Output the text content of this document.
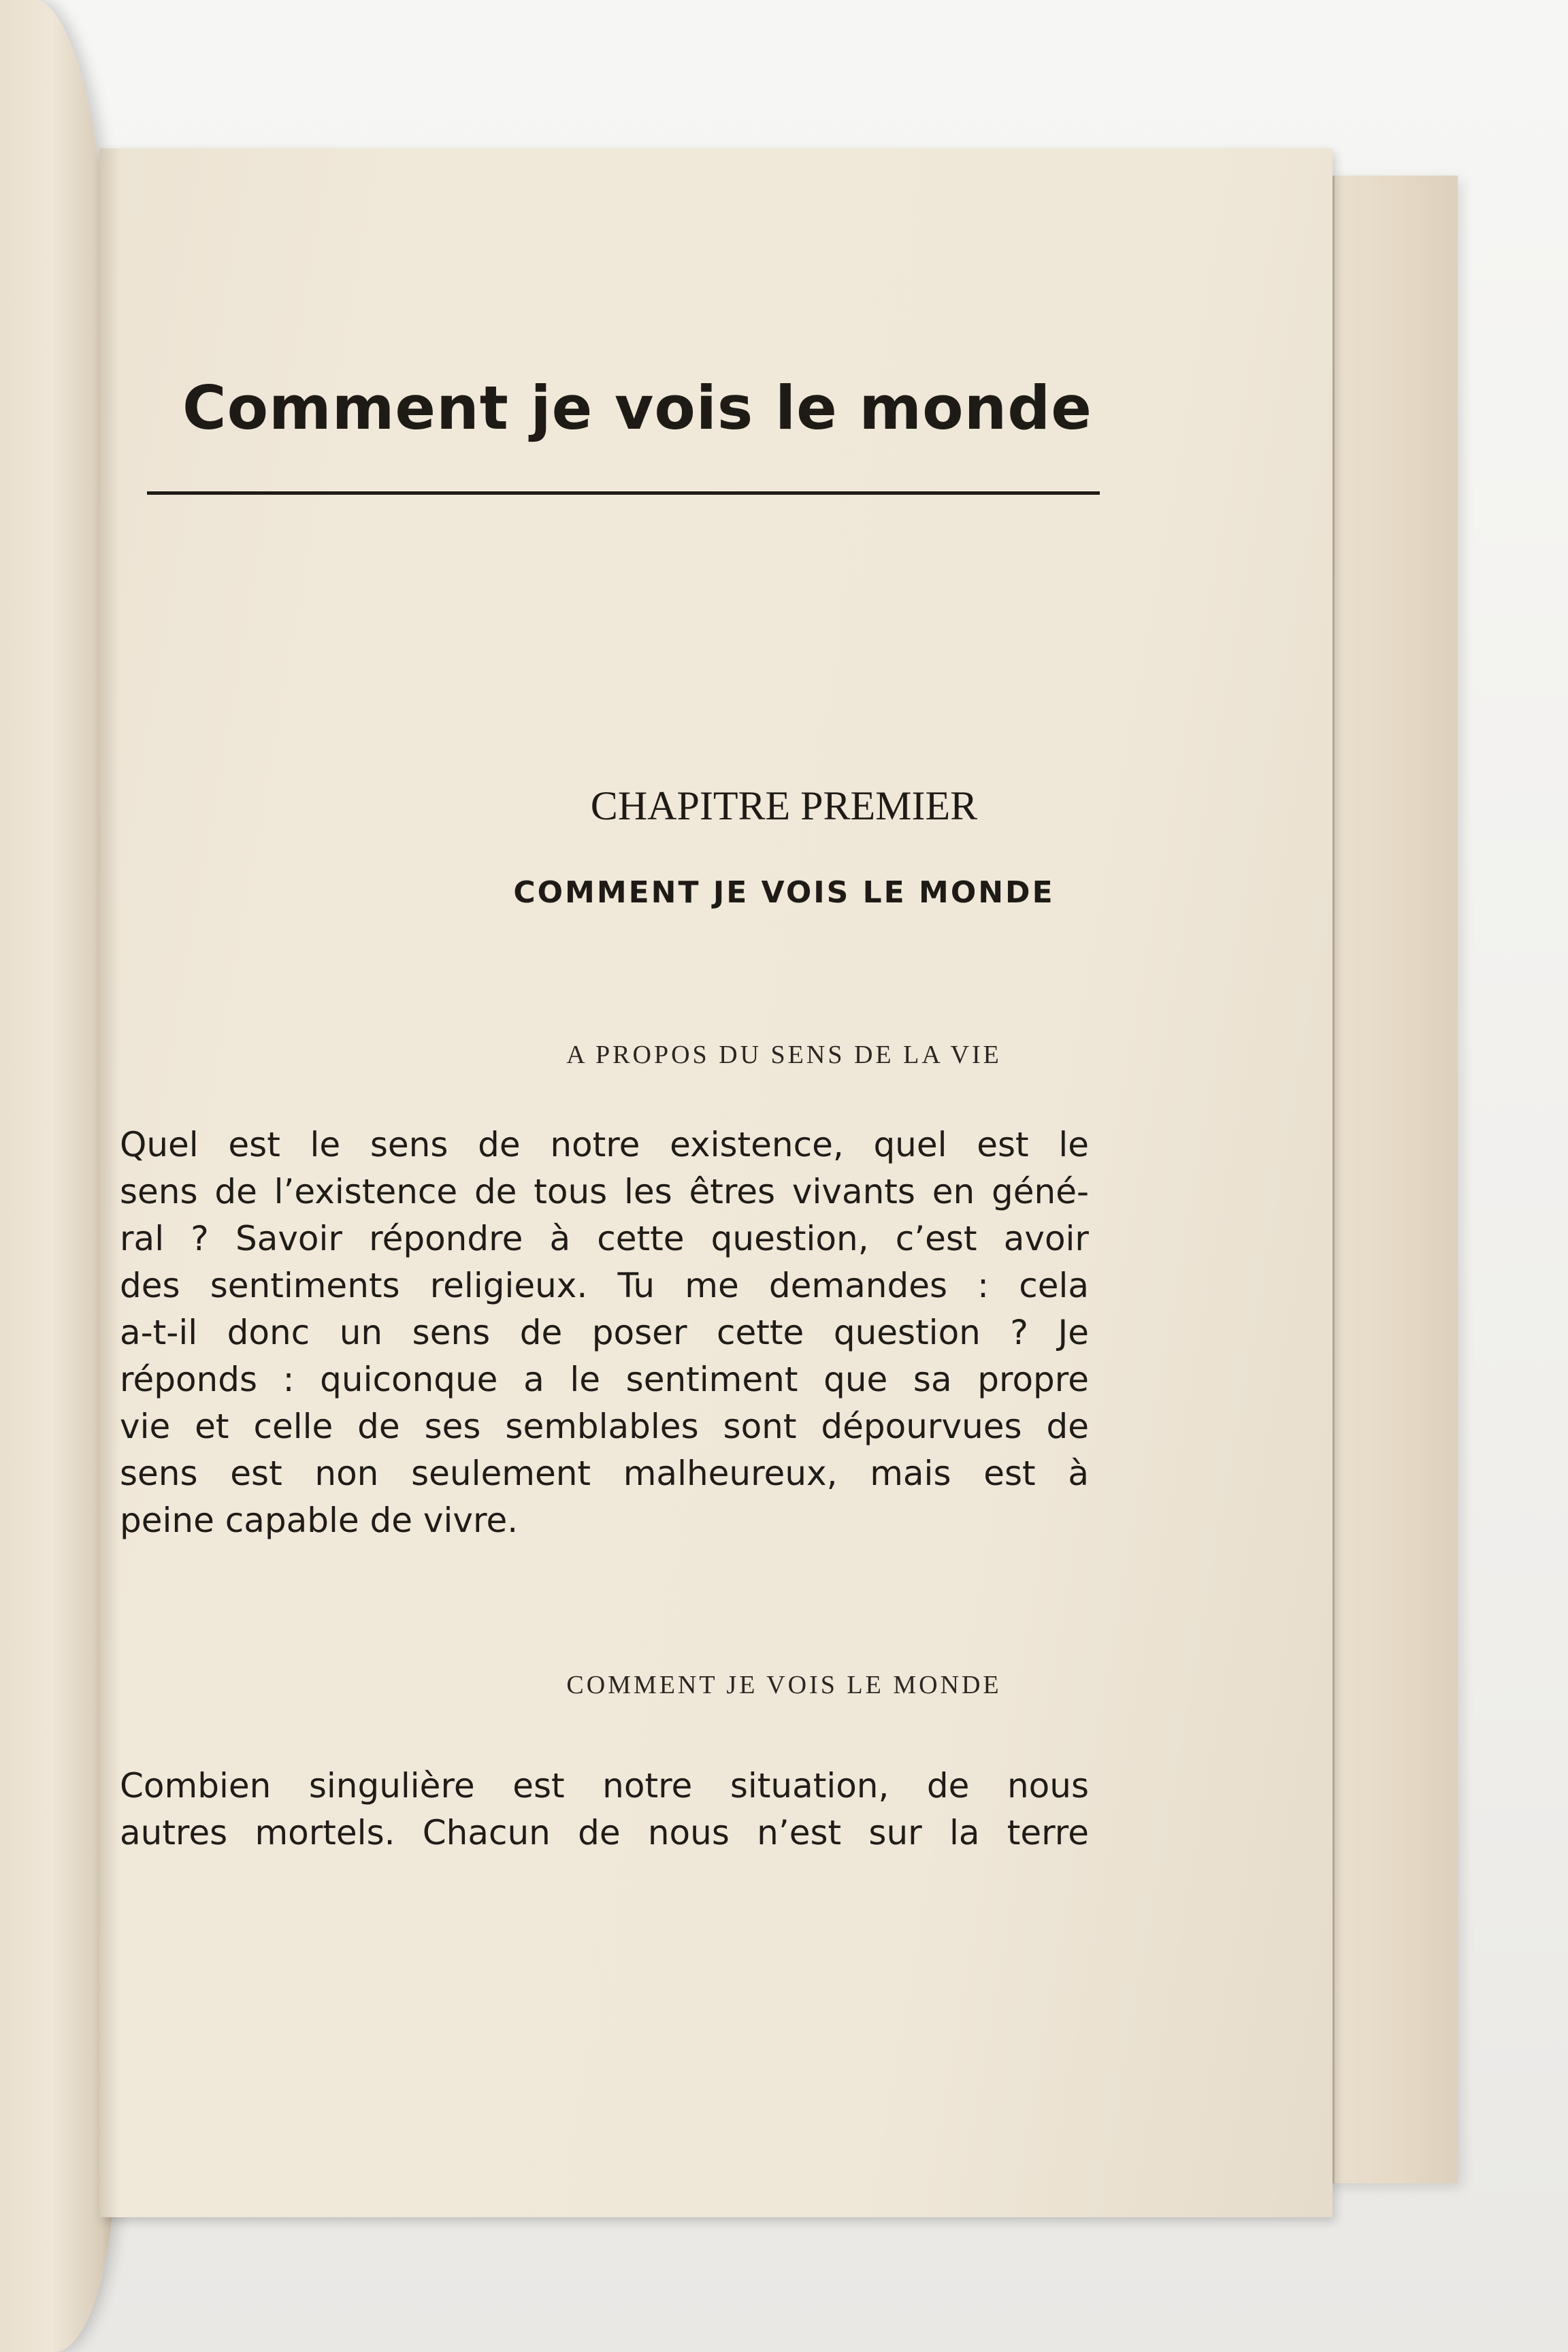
Comment je vois le monde
CHAPITRE PREMIER
COMMENT JE VOIS LE MONDE
A PROPOS DU SENS DE LA VIE
Quel est le sens de notre existence, quel est le
sens de l’existence de tous les êtres vivants en géné-
ral ? Savoir répondre à cette question, c’est avoir
des sentiments religieux. Tu me demandes : cela
a-t-il donc un sens de poser cette question ? Je
réponds : quiconque a le sentiment que sa propre
vie et celle de ses semblables sont dépourvues de
sens est non seulement malheureux, mais est à
peine capable de vivre.
COMMENT JE VOIS LE MONDE
Combien singulière est notre situation, de nous
autres mortels. Chacun de nous n’est sur la terre
